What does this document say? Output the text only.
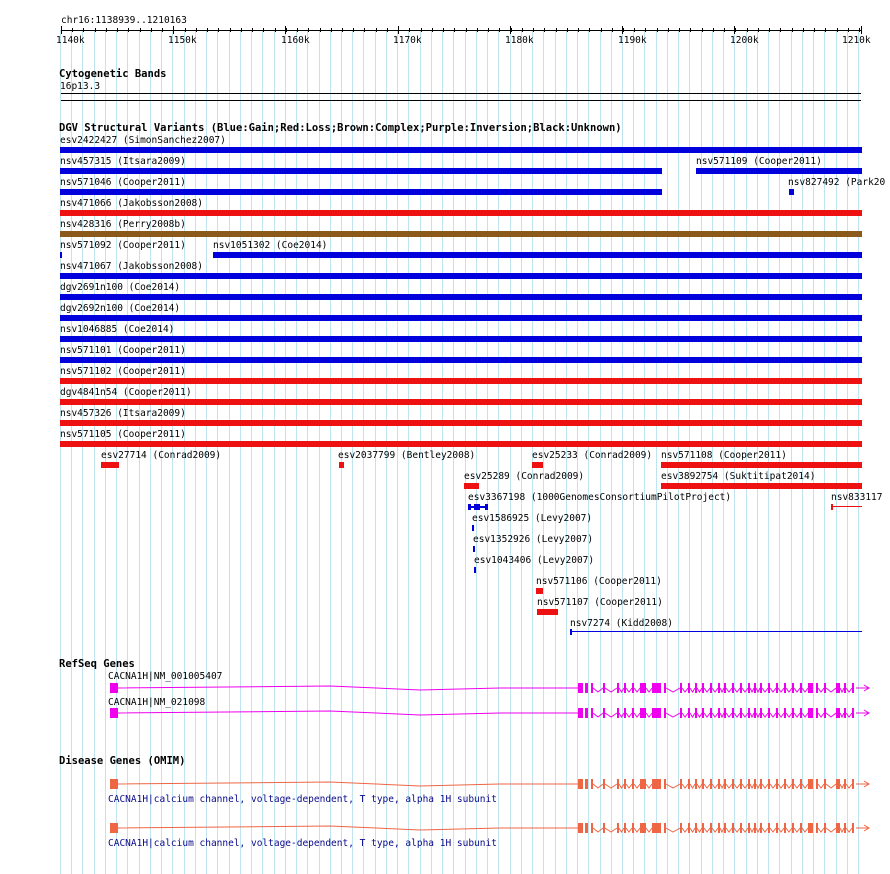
chr16:1138939..1210163
1140k	1150k	1160k	1170k	1180k	1190k	1200k	1210k
Cytogenetic Bands
16p13.3
DGV Structural Variants (Blue:Gain;Red:Loss;Brown:Complex;Purple:Inversion;Black:Unknown)
esv2422427 (SimonSanchez2007)
nsv457315 (Itsara2009)	nsv571109 (Cooper2011)
nsv571046 (Cooper2011)	nsv827492 (Park20
nsv471066 (Jakobsson2008)
nsv428316 (Perry2008b)
nsv571092 (Cooper2011)	nsv1051302 (Coe2014)
nsv471067 (Jakobsson2008)
dgv2691n100 (Coe2014)
dgv2692n100 (Coe2014)
nsv1046885 (Coe2014)
nsv571101 (Cooper2011)
nsv571102 (Cooper2011)
dgv4841n54 (Cooper2011)
nsv457326 (Itsara2009)
nsv571105 (Cooper2011)
esv27714 (Conrad2009)	esv2037799 (Bentley2008)	esv25233 (Conrad2009) nsv571108 (Cooper2011)
esv25289 (Conrad2009)	esv3892754 (Suktitipat2014)
esv3367198 (1000GenomesConsortiumPilotProject)	nsv833117
esv1586925 (Levy2007)
esv1352926 (Levy2007)
esv1043406 (Levy2007)
nsv571106 (Cooper2011)
nsv571107 (Cooper2011)
nsv7274 (Kidd2008)
RefSeq Genes
CACNA1H|NM_001005407
CACNA1H|NM_021098
Disease Genes (OMIM)
CACNA1H|calcium channel, voltage-dependent, T type, alpha 1H subunit
CACNA1H|calcium channel, voltage-dependent, T type, alpha 1H subunit
